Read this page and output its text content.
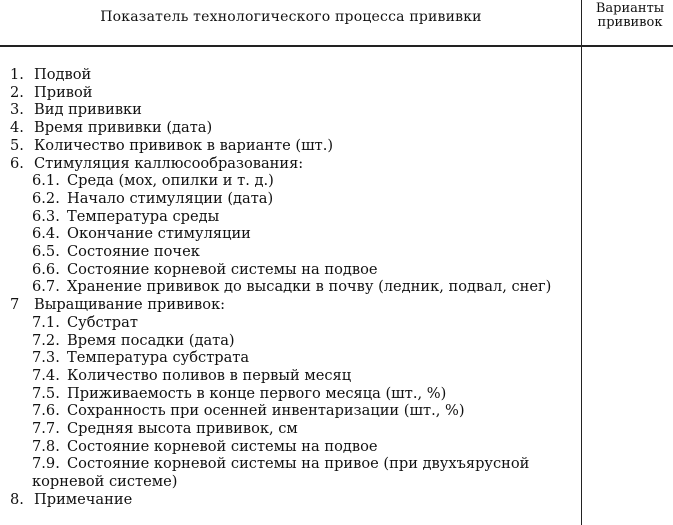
Показатель технологического процесса прививки
Варианты
прививок
1. Подвой
2. Привой
3. Вид прививки
4. Время прививки (дата)
5. Количество прививок в варианте (шт.)
6. Стимуляция каллюсообразования:
6.1. Среда (мох, опилки и т. д.)
6.2. Начало стимуляции (дата)
6.3. Температура среды
6.4. Окончание стимуляции
6.5. Состояние почек
6.6. Состояние корневой системы на подвое
6.7. Хранение прививок до высадки в почву (ледник, подвал, снег)
7 Выращивание прививок:
7.1. Субстрат
7.2. Время посадки (дата)
7.3. Температура субстрата
7.4. Количество поливов в первый месяц
7.5. Приживаемость в конце первого месяца (шт., %)
7.6. Сохранность при осенней инвентаризации (шт., %)
7.7. Средняя высота прививок, см
7.8. Состояние корневой системы на подвое
7.9. Состояние корневой системы на привое (при двухъярусной корневой системе)
8. Примечание
